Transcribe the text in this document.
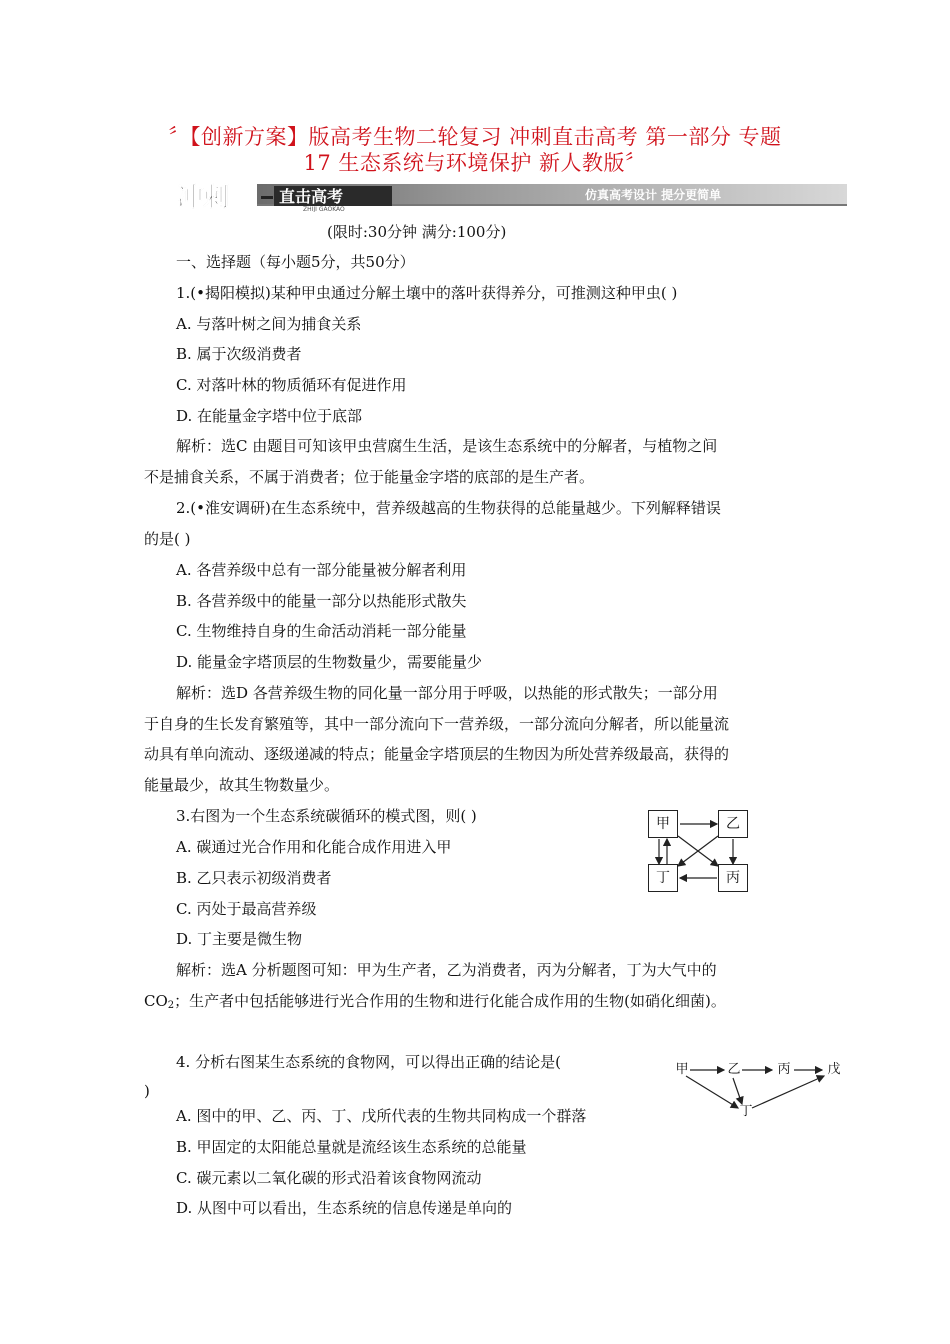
〞【创新方案】版高考生物二轮复习 冲刺直击高考 第一部分 专题
17 生态系统与环境保护 新人教版〞
冲刺	直击高考
ZHIJI GAOKAO
仿真高考设计 提分更简单
(限时:30分钟 满分:100分)
一、选择题（每小题5分，共50分）
1.(•揭阳模拟)某种甲虫通过分解土壤中的落叶获得养分，可推测这种甲虫( )
A. 与落叶树之间为捕食关系
B. 属于次级消费者
C. 对落叶林的物质循环有促进作用
D. 在能量金字塔中位于底部
解析：选C 由题目可知该甲虫营腐生生活，是该生态系统中的分解者，与植物之间
不是捕食关系，不属于消费者；位于能量金字塔的底部的是生产者。
2.(•淮安调研)在生态系统中，营养级越高的生物获得的总能量越少。下列解释错误
的是( )
A. 各营养级中总有一部分能量被分解者利用
B. 各营养级中的能量一部分以热能形式散失
C. 生物维持自身的生命活动消耗一部分能量
D. 能量金字塔顶层的生物数量少，需要能量少
解析：选D 各营养级生物的同化量一部分用于呼吸，以热能的形式散失；一部分用
于自身的生长发育繁殖等，其中一部分流向下一营养级，一部分流向分解者，所以能量流
动具有单向流动、逐级递减的特点；能量金字塔顶层的生物因为所处营养级最高，获得的
能量最少，故其生物数量少。
3.右图为一个生态系统碳循环的模式图，则( )
A. 碳通过光合作用和化能合成作用进入甲
B. 乙只表示初级消费者
C. 丙处于最高营养级
D. 丁主要是微生物
解析：选A 分析题图可知：甲为生产者，乙为消费者，丙为分解者，丁为大气中的
$CO_2$；生产者中包括能够进行光合作用的生物和进行化能合成作用的生物(如硝化细菌)。
甲	乙
丙
丁
4. 分析右图某生态系统的食物网，可以得出正确的结论是(
)
A. 图中的甲、乙、丙、丁、戊所代表的生物共同构成一个群落
B. 甲固定的太阳能总量就是流经该生态系统的总能量
C. 碳元素以二氧化碳的形式沿着该食物网流动
D. 从图中可以看出，生态系统的信息传递是单向的
甲	乙	丙	戊
丁
